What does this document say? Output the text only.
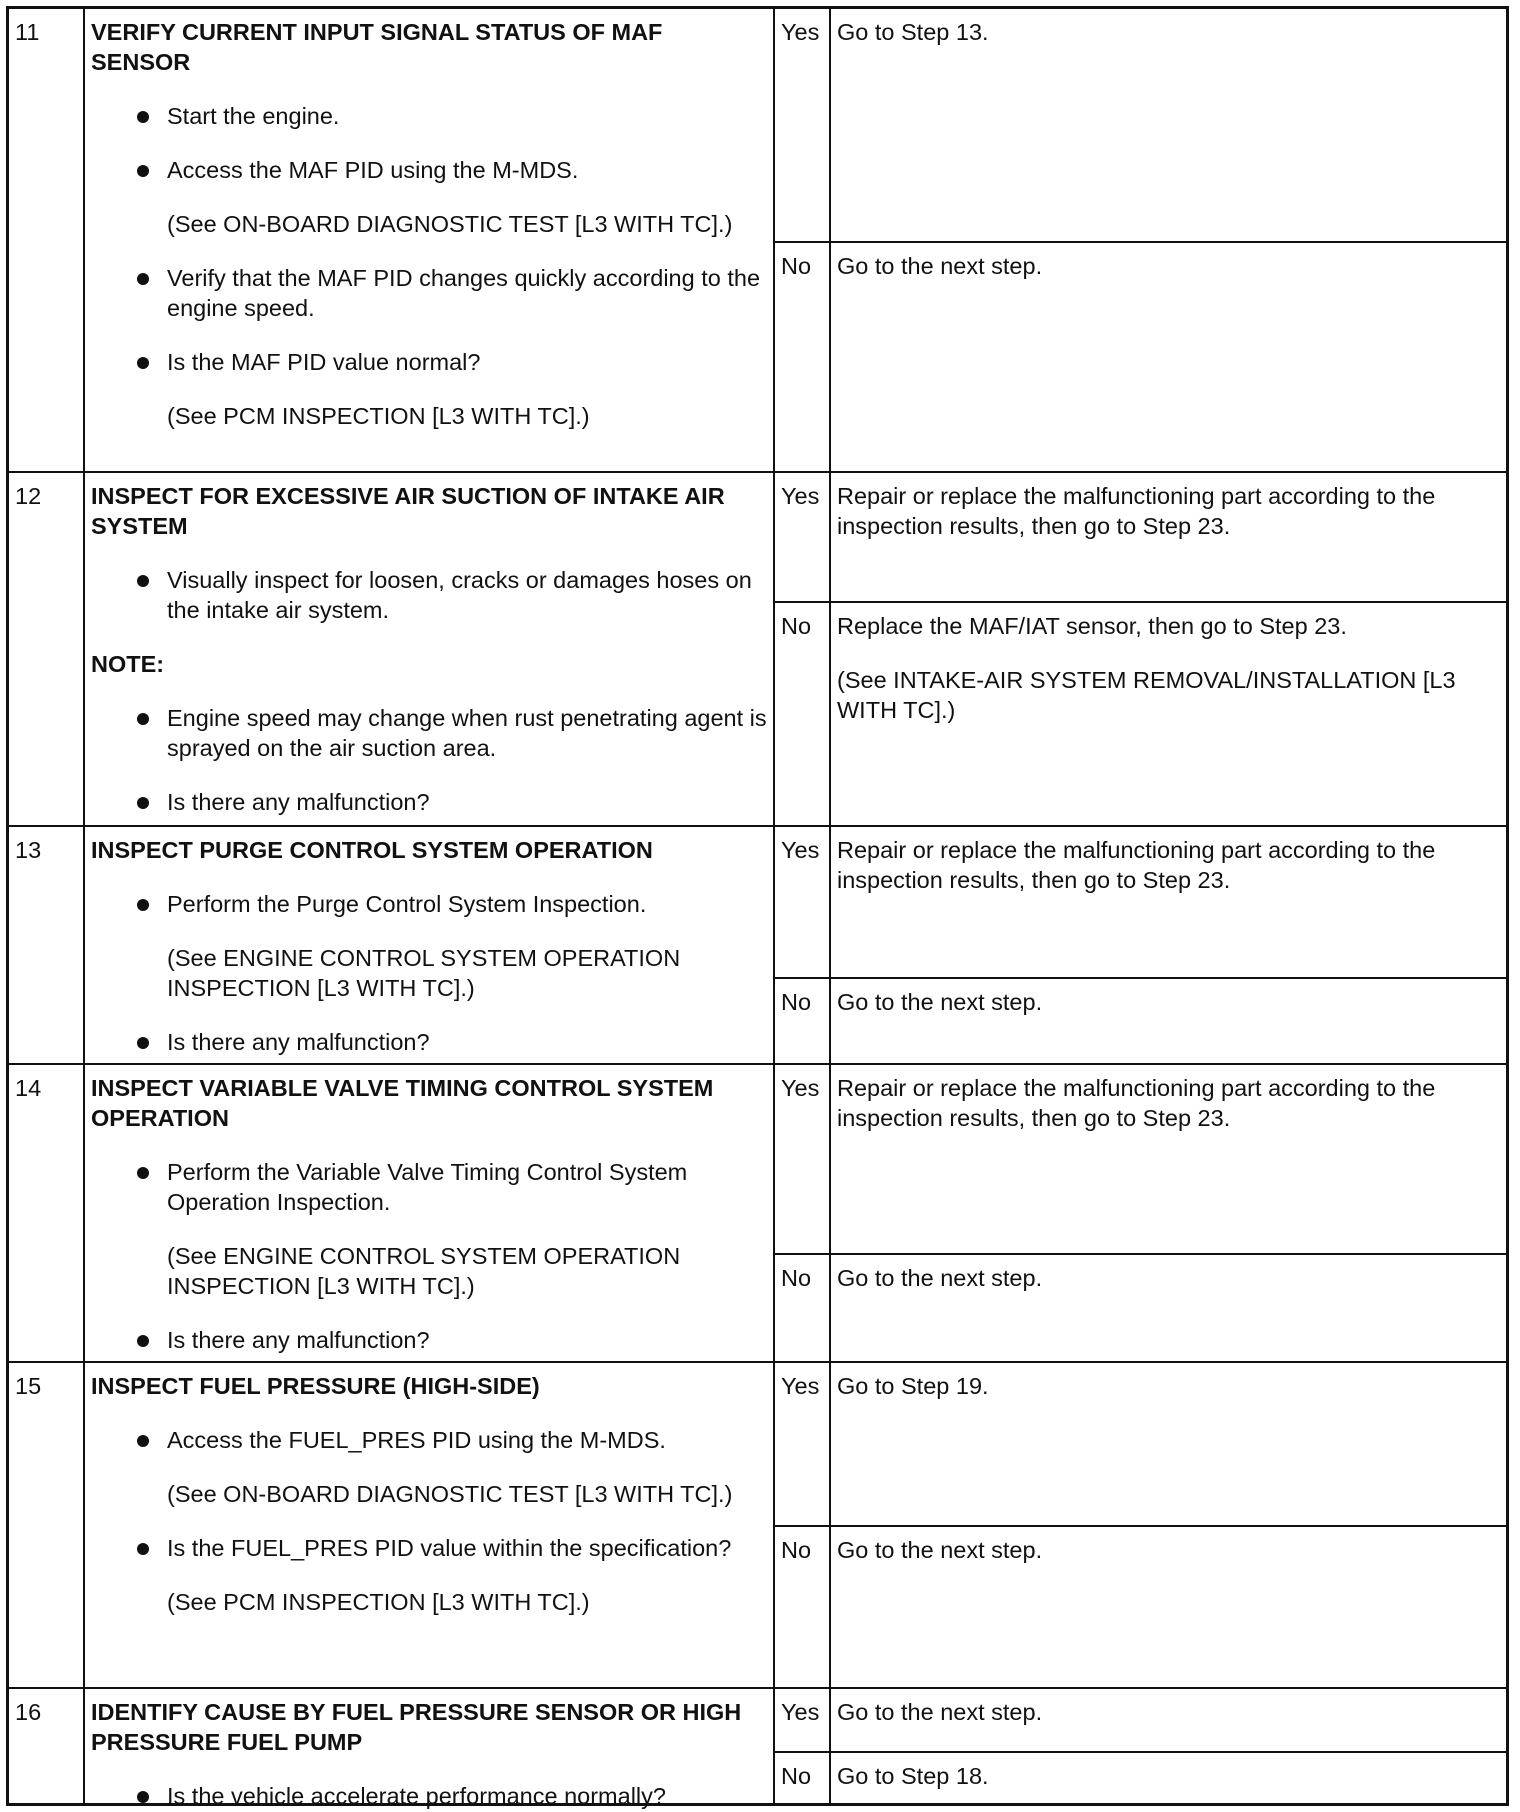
11	VERIFY CURRENT INPUT SIGNAL STATUS OF MAF SENSOR
Start the engine.
Access the MAF PID using the M-MDS.
(See ON-BOARD DIAGNOSTIC TEST [L3 WITH TC].)
Verify that the MAF PID changes quickly according to the engine speed.
Is the MAF PID value normal?
(See PCM INSPECTION [L3 WITH TC].)
Yes Go to Step 13.

No	Go to the next step.

12	INSPECT FOR EXCESSIVE AIR SUCTION OF INTAKE AIR SYSTEM
Visually inspect for loosen, cracks or damages hoses on the intake air system.
NOTE:
Engine speed may change when rust penetrating agent is sprayed on the air suction area.
Is there any malfunction?
Yes Repair or replace the malfunctioning part according to the inspection results, then go to Step 23.

No	Replace the MAF/IAT sensor, then go to Step 23.

(See INTAKE-AIR SYSTEM REMOVAL/INSTALLATION [L3 WITH TC].)

13	INSPECT PURGE CONTROL SYSTEM OPERATION
Perform the Purge Control System Inspection.
(See ENGINE CONTROL SYSTEM OPERATION INSPECTION [L3 WITH TC].)
Is there any malfunction?
Yes Repair or replace the malfunctioning part according to the inspection results, then go to Step 23.

No	Go to the next step.

14	INSPECT VARIABLE VALVE TIMING CONTROL SYSTEM OPERATION
Perform the Variable Valve Timing Control System Operation Inspection.
(See ENGINE CONTROL SYSTEM OPERATION INSPECTION [L3 WITH TC].)
Is there any malfunction?
Yes Repair or replace the malfunctioning part according to the inspection results, then go to Step 23.

No	Go to the next step.

15	INSPECT FUEL PRESSURE (HIGH-SIDE)
Access the FUEL_PRES PID using the M-MDS.
(See ON-BOARD DIAGNOSTIC TEST [L3 WITH TC].)
Is the FUEL_PRES PID value within the specification?
(See PCM INSPECTION [L3 WITH TC].)
Yes Go to Step 19.

No	Go to the next step.

16	IDENTIFY CAUSE BY FUEL PRESSURE SENSOR OR HIGH PRESSURE FUEL PUMP
Is the vehicle accelerate performance normally?
Yes Go to the next step.

No	Go to Step 18.
